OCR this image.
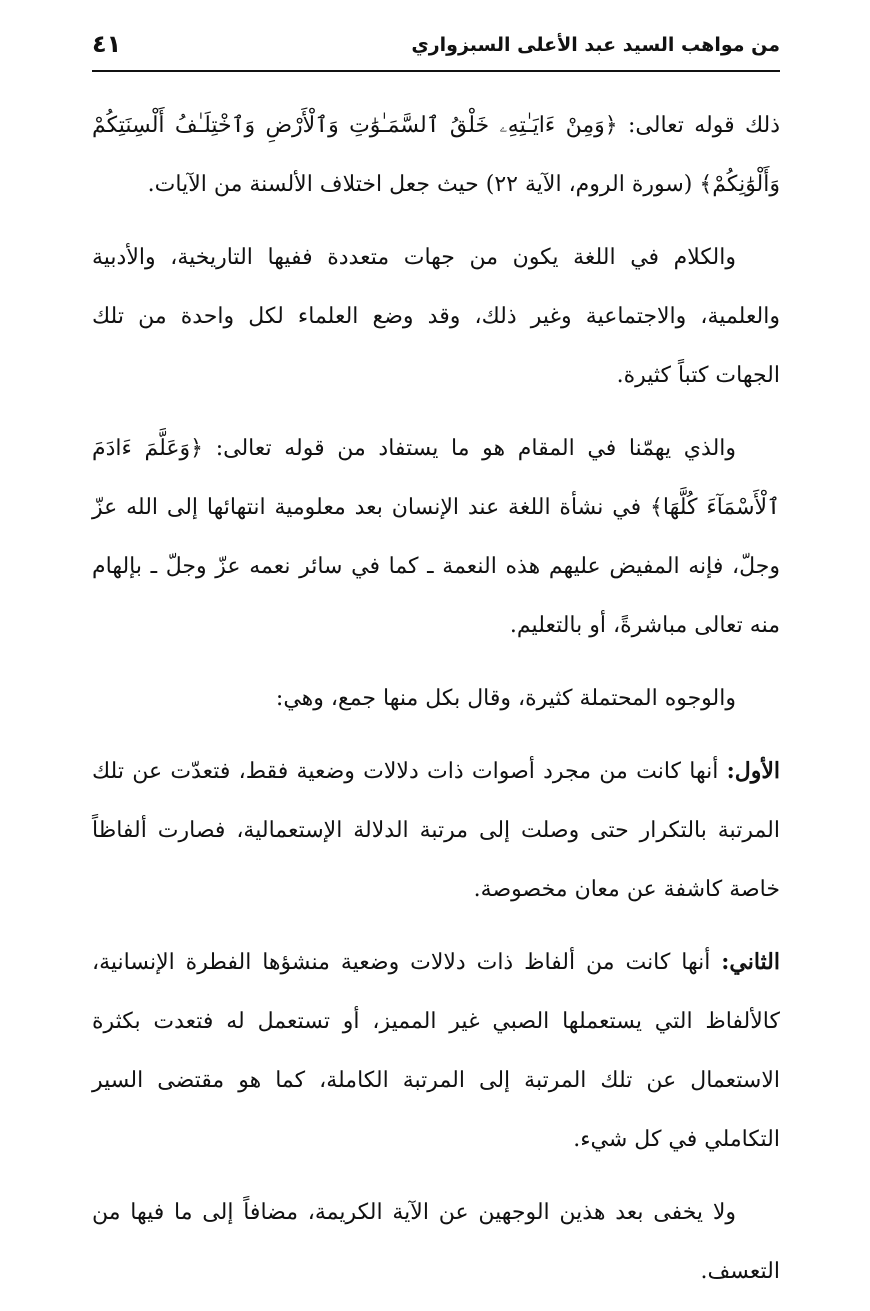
من مواهب السيد عبد الأعلى السبزواري
٤١

ذلك قوله تعالى: ﴿وَمِنْ ءَايَـٰتِهِۦ خَلْقُ ٱلسَّمَـٰوَٰتِ وَٱلْأَرْضِ وَٱخْتِلَـٰفُ أَلْسِنَتِكُمْ وَأَلْوَٰنِكُمْ﴾ (سورة الروم، الآية ٢٢) حيث جعل اختلاف الألسنة من الآيات.

والكلام في اللغة يكون من جهات متعددة ففيها التاريخية، والأدبية والعلمية، والاجتماعية وغير ذلك، وقد وضع العلماء لكل واحدة من تلك الجهات كتباً كثيرة.

والذي يهمّنا في المقام هو ما يستفاد من قوله تعالى: ﴿وَعَلَّمَ ءَادَمَ ٱلْأَسْمَآءَ كُلَّهَا﴾ في نشأة اللغة عند الإنسان بعد معلومية انتهائها إلى الله عزّ وجلّ، فإنه المفيض عليهم هذه النعمة ـ كما في سائر نعمه عزّ وجلّ ـ بإلهام منه تعالى مباشرةً، أو بالتعليم.

والوجوه المحتملة كثيرة، وقال بكل منها جمع، وهي:

الأول: أنها كانت من مجرد أصوات ذات دلالات وضعية فقط، فتعدّت عن تلك المرتبة بالتكرار حتى وصلت إلى مرتبة الدلالة الإستعمالية، فصارت ألفاظاً خاصة كاشفة عن معان مخصوصة.

الثاني: أنها كانت من ألفاظ ذات دلالات وضعية منشؤها الفطرة الإنسانية، كالألفاظ التي يستعملها الصبي غير المميز، أو تستعمل له فتعدت بكثرة الاستعمال عن تلك المرتبة إلى المرتبة الكاملة، كما هو مقتضى السير التكاملي في كل شيء.

ولا يخفى بعد هذين الوجهين عن الآية الكريمة، مضافاً إلى ما فيها من التعسف.
